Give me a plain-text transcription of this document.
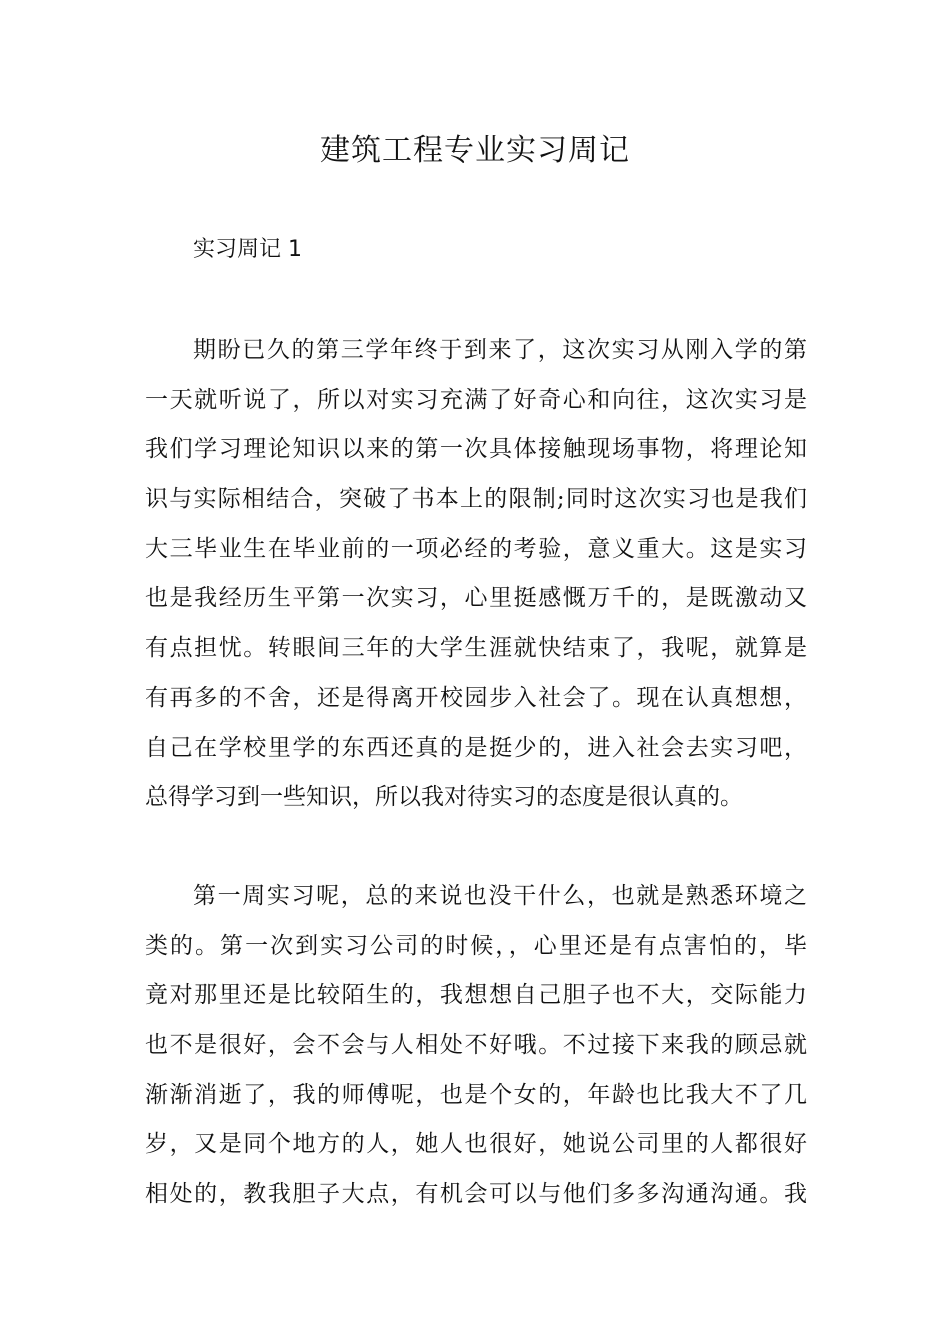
建筑工程专业实习周记
实习周记 1
期盼已久的第三学年终于到来了，这次实习从刚入学的第
一天就听说了，所以对实习充满了好奇心和向往，这次实习是
我们学习理论知识以来的第一次具体接触现场事物，将理论知
识与实际相结合，突破了书本上的限制;同时这次实习也是我们
大三毕业生在毕业前的一项必经的考验，意义重大。这是实习
也是我经历生平第一次实习，心里挺感慨万千的，是既激动又
有点担忧。转眼间三年的大学生涯就快结束了，我呢，就算是
有再多的不舍，还是得离开校园步入社会了。现在认真想想，
自己在学校里学的东西还真的是挺少的，进入社会去实习吧，
总得学习到一些知识，所以我对待实习的态度是很认真的。
第一周实习呢，总的来说也没干什么，也就是熟悉环境之
类的。第一次到实习公司的时候，，心里还是有点害怕的，毕
竟对那里还是比较陌生的，我想想自己胆子也不大，交际能力
也不是很好，会不会与人相处不好哦。不过接下来我的顾忌就
渐渐消逝了，我的师傅呢，也是个女的，年龄也比我大不了几
岁，又是同个地方的人，她人也很好，她说公司里的人都很好
相处的，教我胆子大点，有机会可以与他们多多沟通沟通。我
